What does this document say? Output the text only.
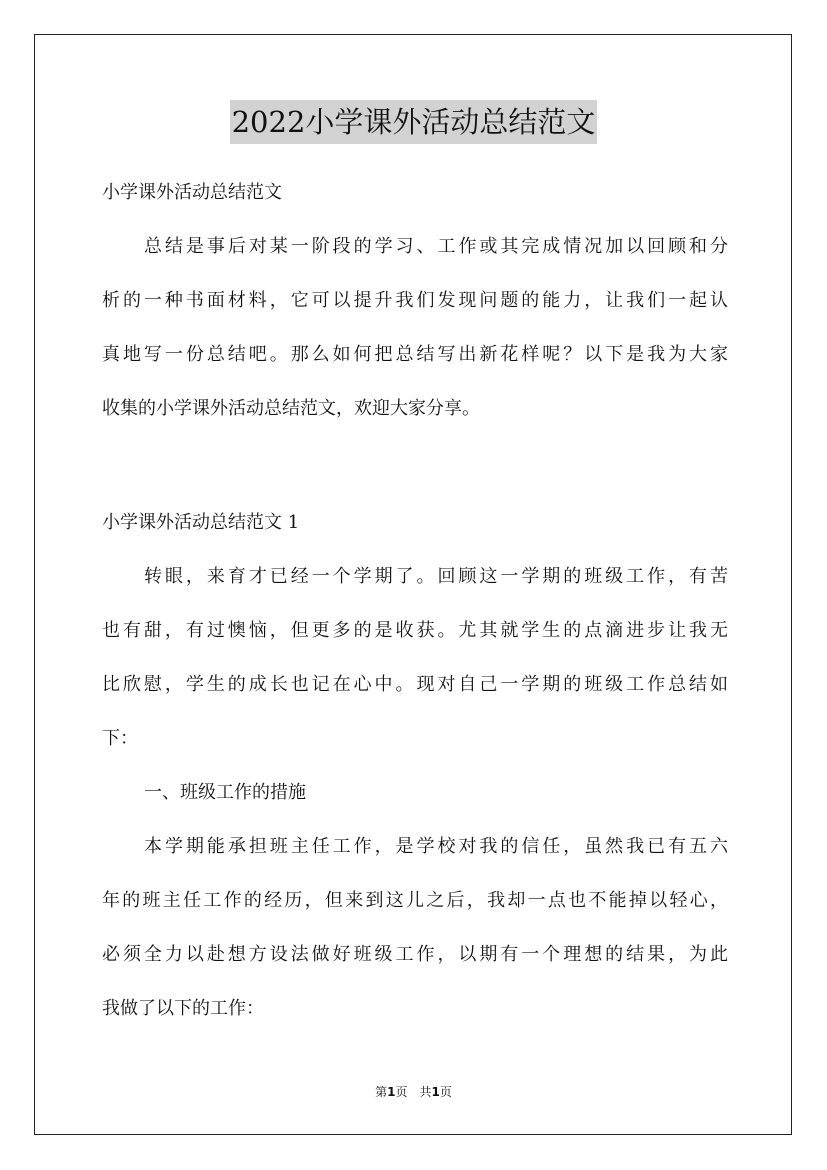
2022小学课外活动总结范文

小学课外活动总结范文

总结是事后对某一阶段的学习、工作或其完成情况加以回顾和分

析的一种书面材料，它可以提升我们发现问题的能力，让我们一起认

真地写一份总结吧。那么如何把总结写出新花样呢？以下是我为大家

收集的小学课外活动总结范文，欢迎大家分享。

小学课外活动总结范文 1

转眼，来育才已经一个学期了。回顾这一学期的班级工作，有苦

也有甜，有过懊恼，但更多的是收获。尤其就学生的点滴进步让我无

比欣慰，学生的成长也记在心中。现对自己一学期的班级工作总结如

下：

一、班级工作的措施

本学期能承担班主任工作，是学校对我的信任，虽然我已有五六

年的班主任工作的经历，但来到这儿之后，我却一点也不能掉以轻心，

必须全力以赴想方设法做好班级工作，以期有一个理想的结果，为此

我做了以下的工作：

第1页 共1页
